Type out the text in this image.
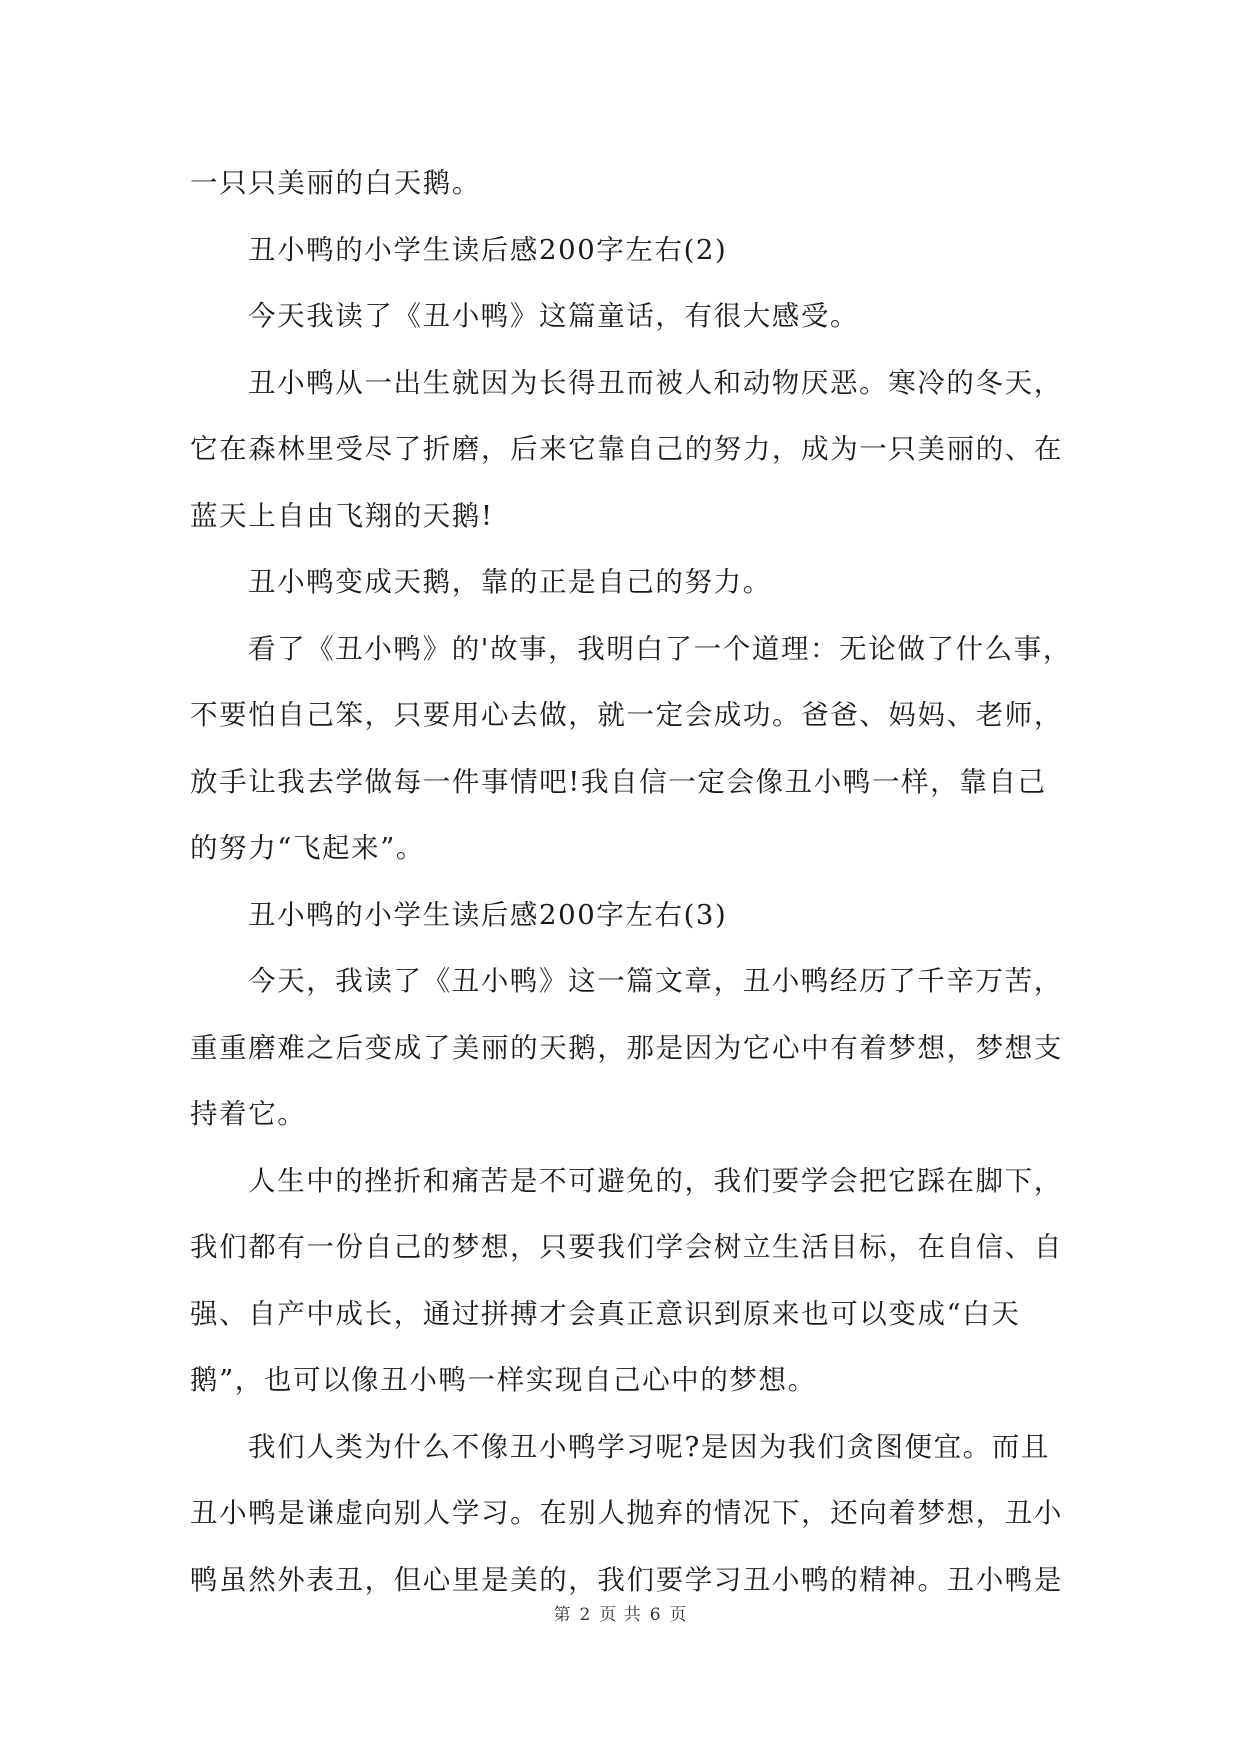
一只只美丽的白天鹅。
丑小鸭的小学生读后感200字左右(2)
今天我读了《丑小鸭》这篇童话，有很大感受。
丑小鸭从一出生就因为长得丑而被人和动物厌恶。寒冷的冬天，
它在森林里受尽了折磨，后来它靠自己的努力，成为一只美丽的、在
蓝天上自由飞翔的天鹅!
丑小鸭变成天鹅，靠的正是自己的努力。
看了《丑小鸭》的'故事，我明白了一个道理：无论做了什么事，
不要怕自己笨，只要用心去做，就一定会成功。爸爸、妈妈、老师，
放手让我去学做每一件事情吧!我自信一定会像丑小鸭一样，靠自己
的努力“飞起来”。
丑小鸭的小学生读后感200字左右(3)
今天，我读了《丑小鸭》这一篇文章，丑小鸭经历了千辛万苦，
重重磨难之后变成了美丽的天鹅，那是因为它心中有着梦想，梦想支
持着它。
人生中的挫折和痛苦是不可避免的，我们要学会把它踩在脚下，
我们都有一份自己的梦想，只要我们学会树立生活目标，在自信、自
强、自产中成长，通过拼搏才会真正意识到原来也可以变成“白天
鹅”，也可以像丑小鸭一样实现自己心中的梦想。
我们人类为什么不像丑小鸭学习呢?是因为我们贪图便宜。而且
丑小鸭是谦虚向别人学习。在别人抛弃的情况下，还向着梦想，丑小
鸭虽然外表丑，但心里是美的，我们要学习丑小鸭的精神。丑小鸭是
第 2 页 共 6 页
